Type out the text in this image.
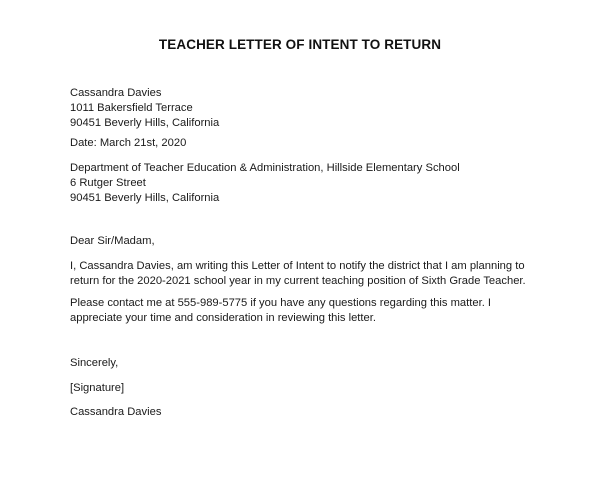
TEACHER LETTER OF INTENT TO RETURN
Cassandra Davies
1011 Bakersfield Terrace
90451 Beverly Hills, California
Date: March 21st, 2020
Department of Teacher Education & Administration, Hillside Elementary School
6 Rutger Street
90451 Beverly Hills, California
Dear Sir/Madam,
I, Cassandra Davies, am writing this Letter of Intent to notify the district that I am planning to
return for the 2020-2021 school year in my current teaching position of Sixth Grade Teacher.
Please contact me at 555-989-5775 if you have any questions regarding this matter. I
appreciate your time and consideration in reviewing this letter.
Sincerely,
[Signature]
Cassandra Davies
